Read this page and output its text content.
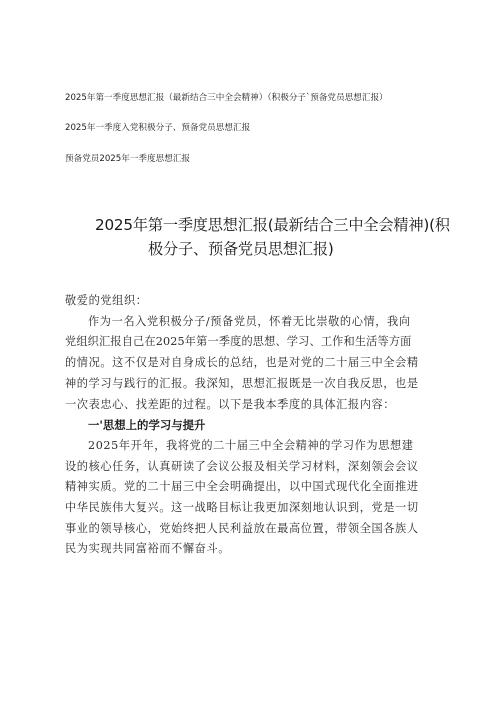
2025年第一季度思想汇报（最新结合三中全会精神）（积极分子`预备党员思想汇报）
2025年一季度入党积极分子、预备党员思想汇报
预备党员2025年一季度思想汇报
2025年第一季度思想汇报(最新结合三中全会精神)(积
极分子、预备党员思想汇报)
敬爱的党组织：
作为一名入党积极分子/预备党员，怀着无比崇敬的心情，我向
党组织汇报自己在2025年第一季度的思想、学习、工作和生活等方面
的情况。这不仅是对自身成长的总结，也是对党的二十届三中全会精
神的学习与践行的汇报。我深知，思想汇报既是一次自我反思，也是
一次表忠心、找差距的过程。以下是我本季度的具体汇报内容：
一'思想上的学习与提升
2025年开年，我将党的二十届三中全会精神的学习作为思想建
设的核心任务，认真研读了会议公报及相关学习材料，深刻领会会议
精神实质。党的二十届三中全会明确提出，以中国式现代化全面推进
中华民族伟大复兴。这一战略目标让我更加深刻地认识到，党是一切
事业的领导核心，党始终把人民利益放在最高位置，带领全国各族人
民为实现共同富裕而不懈奋斗。
